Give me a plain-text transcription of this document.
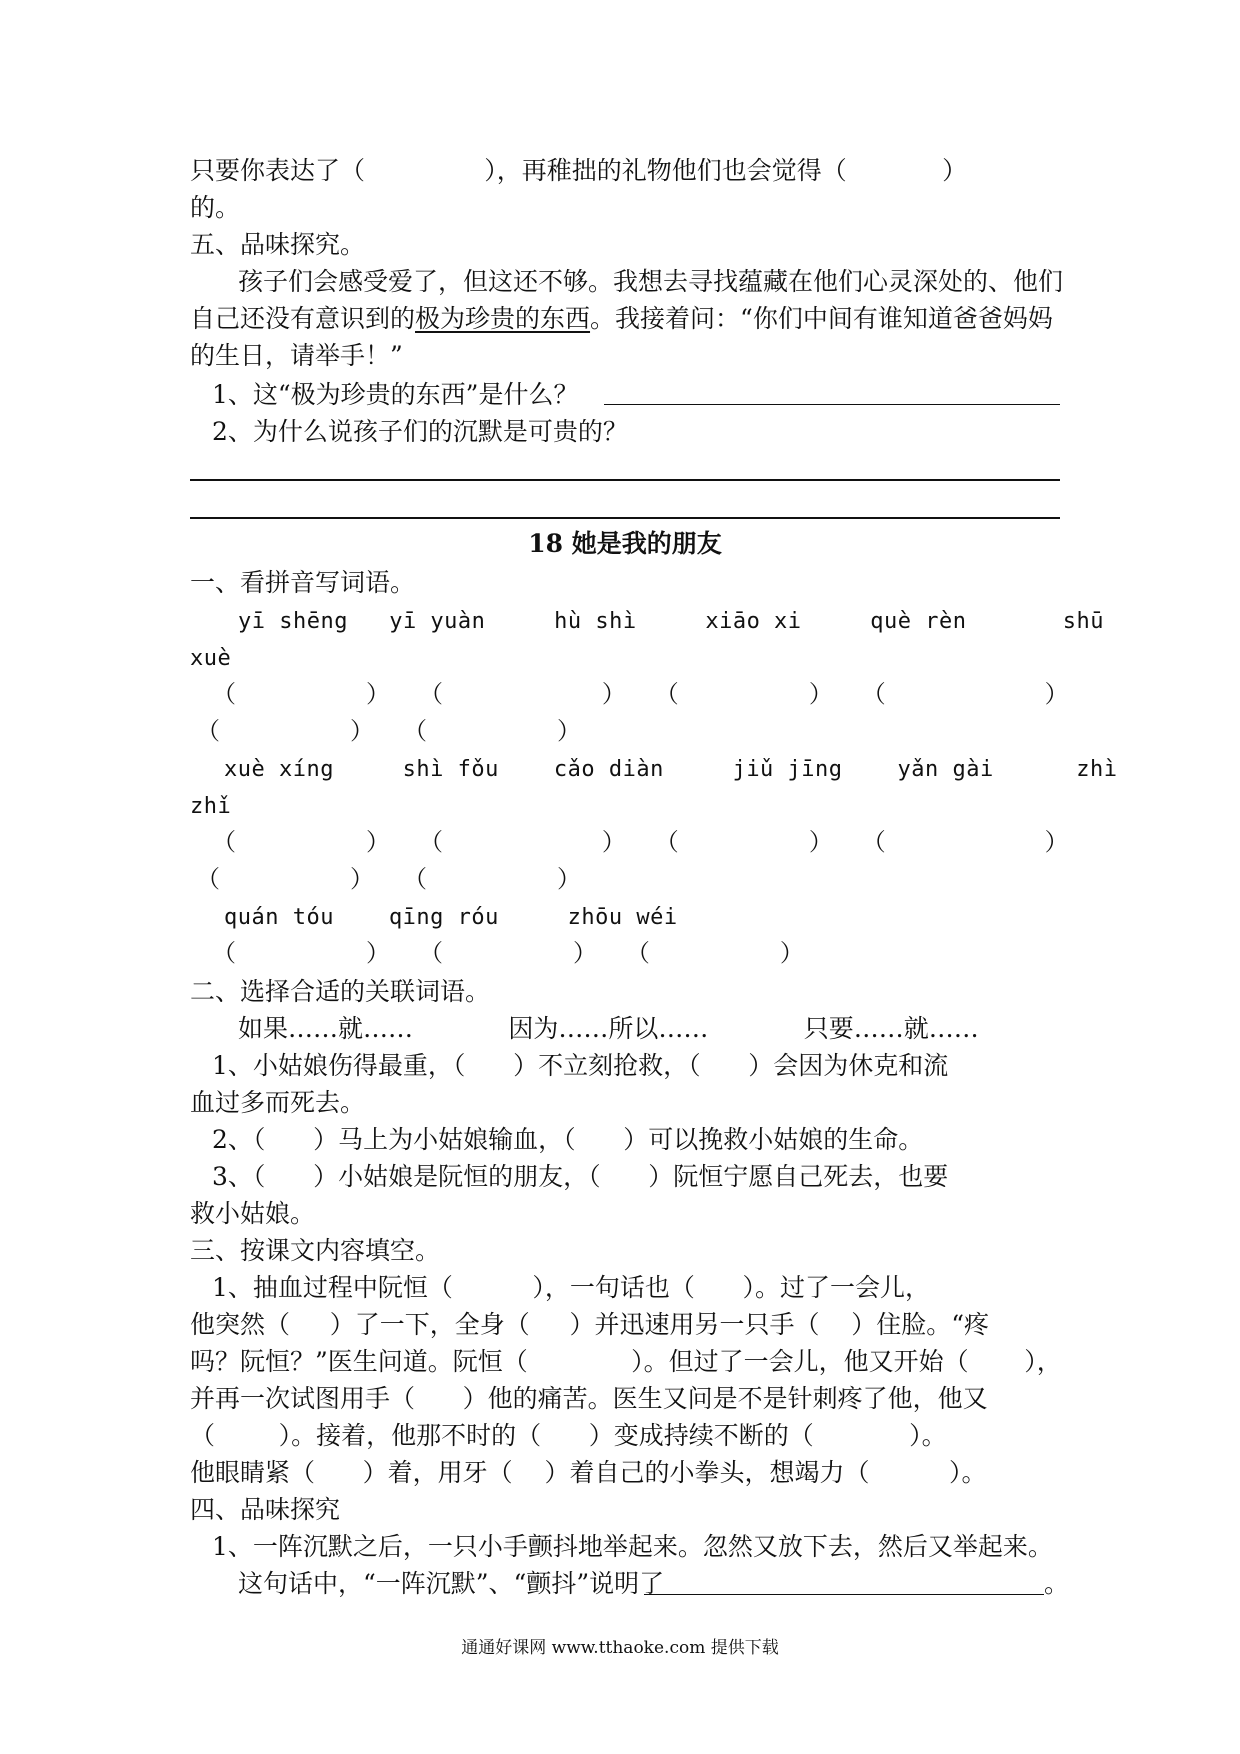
只要你表达了（               ），再稚拙的礼物他们也会觉得（            ）

的。

五、品味探究。

孩子们会感受爱了，但这还不够。我想去寻找蕴藏在他们心灵深处的、他们

自己还没有意识到的极为珍贵的东西。我接着问：“你们中间有谁知道爸爸妈妈

的生日，请举手！”

1、这“极为珍贵的东西”是什么？

2、为什么说孩子们的沉默是可贵的？

18 她是我的朋友

一、看拼音写词语。

yī shēng   yī yuàn     hù shì     xiāo xi     què rèn       shū

xuè

（         ）  （           ）  （         ）  （           ）

（         ）  （         ）

xuè xíng     shì fǒu    cǎo diàn     jiǔ jīng    yǎn gài      zhì

zhǐ

（         ）  （           ）  （         ）  （           ）

（         ）  （         ）

quán tóu    qīng róu     zhōu wéi

（         ）  （         ）  （         ）

二、选择合适的关联词语。

如果……就……            因为……所以……            只要……就……

1、小姑娘伤得最重，（      ）不立刻抢救，（      ）会因为休克和流

血过多而死去。

2、（      ）马上为小姑娘输血，（      ）可以挽救小姑娘的生命。

3、（      ）小姑娘是阮恒的朋友，（      ）阮恒宁愿自己死去，也要

救小姑娘。

三、按课文内容填空。

1、抽血过程中阮恒（          ），一句话也（      ）。过了一会儿，

他突然（     ）了一下，全身（     ）并迅速用另一只手（    ）住脸。“疼

吗？阮恒？”医生问道。阮恒（             ）。但过了一会儿，他又开始（       ），

并再一次试图用手（      ）他的痛苦。医生又问是不是针刺疼了他，他又

（        ）。接着，他那不时的（      ）变成持续不断的（            ）。

他眼睛紧（      ）着，用牙（    ）着自己的小拳头，想竭力（          ）。

四、品味探究

1、一阵沉默之后，一只小手颤抖地举起来。忽然又放下去，然后又举起来。

这句话中，“一阵沉默”、“颤抖”说明了	。

通通好课网 www.tthaoke.com 提供下载
